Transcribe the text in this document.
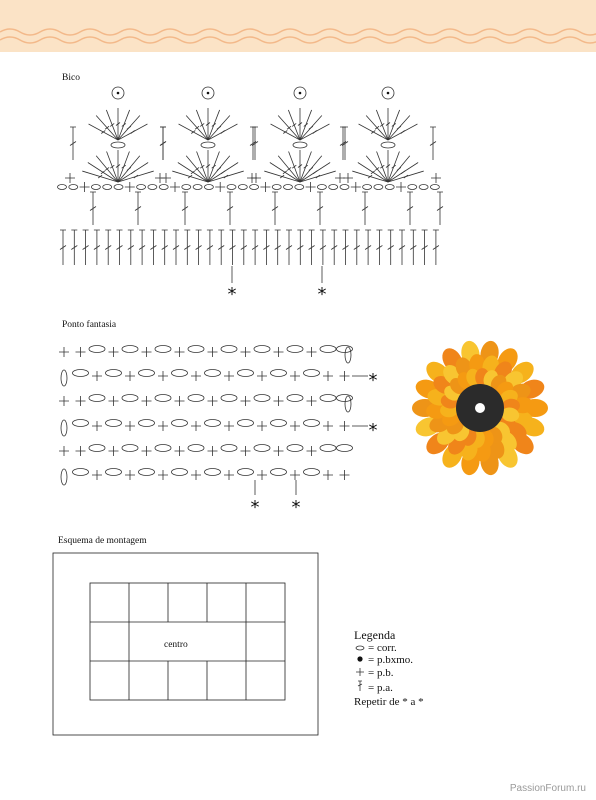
Bico
Ponto fantasia
Esquema de montagem
*	*
*
*
* *
centro
Legenda
= corr.
= p.bxmo.
= p.b.
= p.a.
Repetir de * a *
PassionForum.ru
